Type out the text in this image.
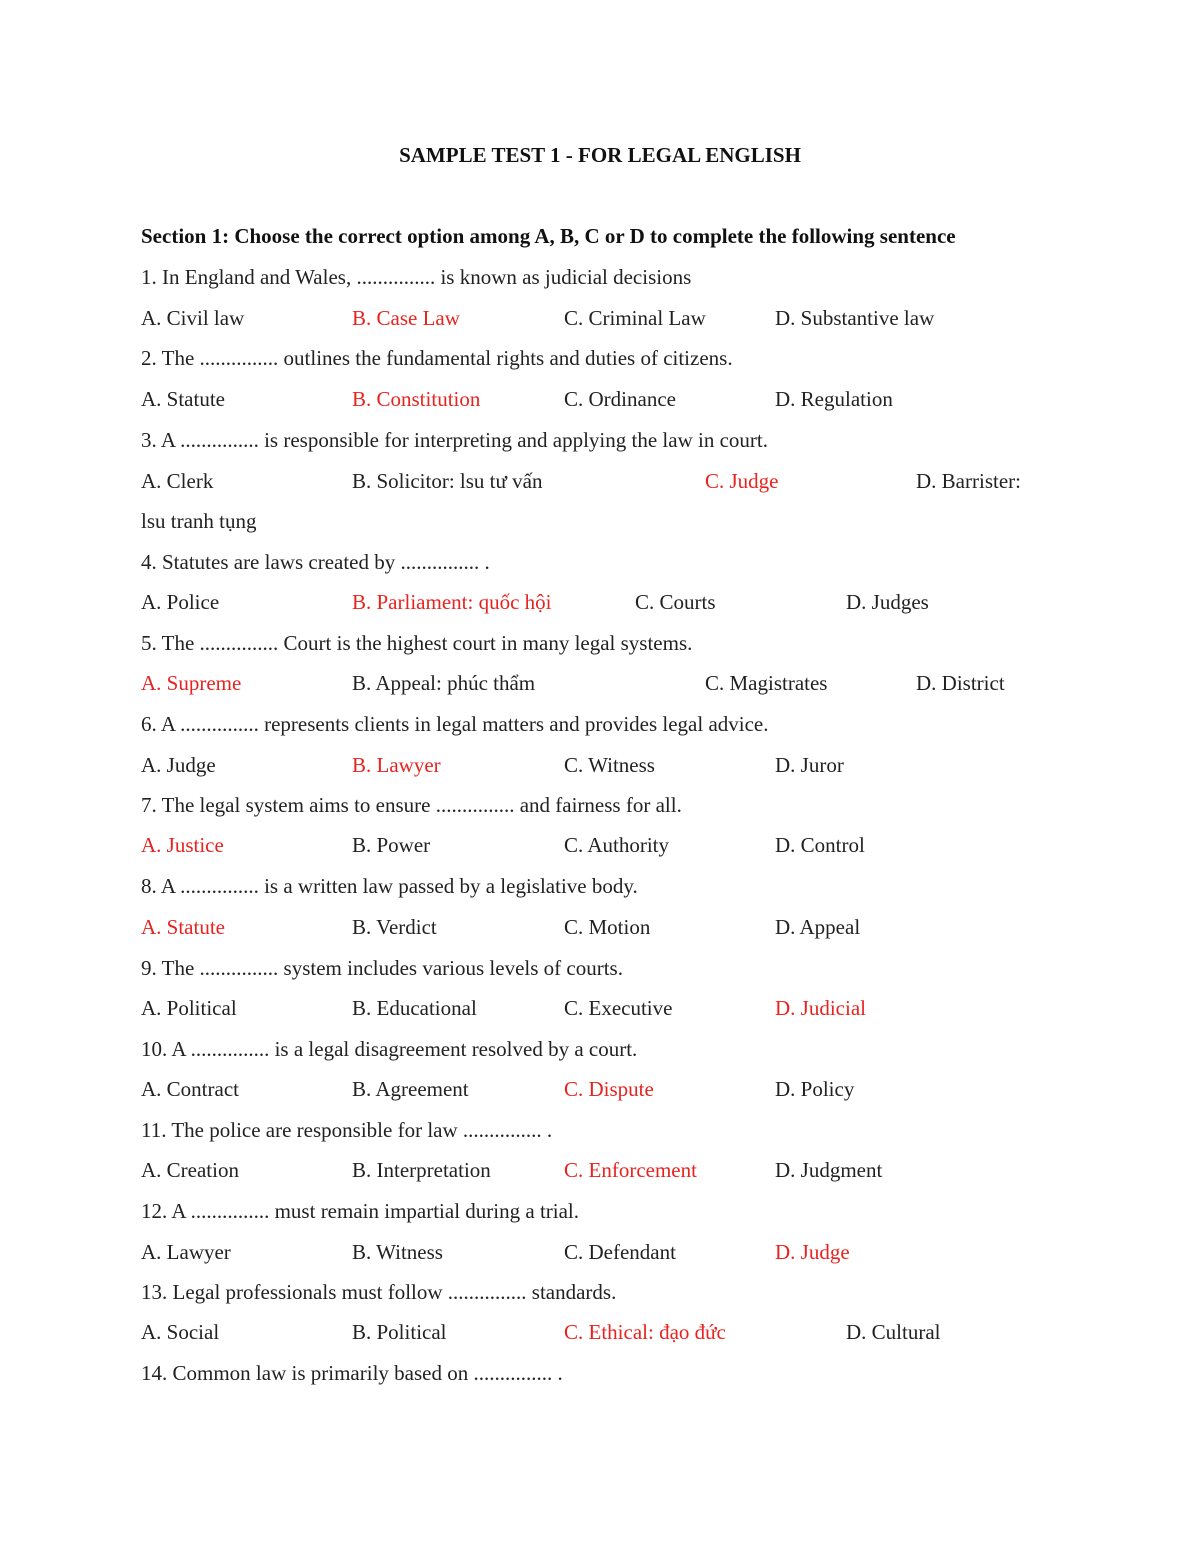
SAMPLE TEST 1 - FOR LEGAL ENGLISH
Section 1: Choose the correct option among A, B, C or D to complete the following sentence
1. In England and Wales, ............... is known as judicial decisions
A. Civil law	B. Case Law	C. Criminal Law	D. Substantive law
2. The ............... outlines the fundamental rights and duties of citizens.
A. Statute	B. Constitution	C. Ordinance	D. Regulation
3. A ............... is responsible for interpreting and applying the law in court.
A. Clerk	B. Solicitor: lsu tư vấn	C. Judge	D. Barrister:
lsu tranh tụng
4. Statutes are laws created by ............... .
A. Police	B. Parliament: quốc hội	C. Courts	D. Judges
5. The ............... Court is the highest court in many legal systems.
A. Supreme	B. Appeal: phúc thẩm	C. Magistrates	D. District
6. A ............... represents clients in legal matters and provides legal advice.
A. Judge	B. Lawyer	C. Witness	D. Juror
7. The legal system aims to ensure ............... and fairness for all.
A. Justice	B. Power	C. Authority	D. Control
8. A ............... is a written law passed by a legislative body.
A. Statute	B. Verdict	C. Motion	D. Appeal
9. The ............... system includes various levels of courts.
A. Political	B. Educational	C. Executive	D. Judicial
10. A ............... is a legal disagreement resolved by a court.
A. Contract	B. Agreement	C. Dispute	D. Policy
11. The police are responsible for law ............... .
A. Creation	B. Interpretation	C. Enforcement	D. Judgment
12. A ............... must remain impartial during a trial.
A. Lawyer	B. Witness	C. Defendant	D. Judge
13. Legal professionals must follow ............... standards.
A. Social	B. Political	C. Ethical: đạo đức	D. Cultural
14. Common law is primarily based on ............... .
